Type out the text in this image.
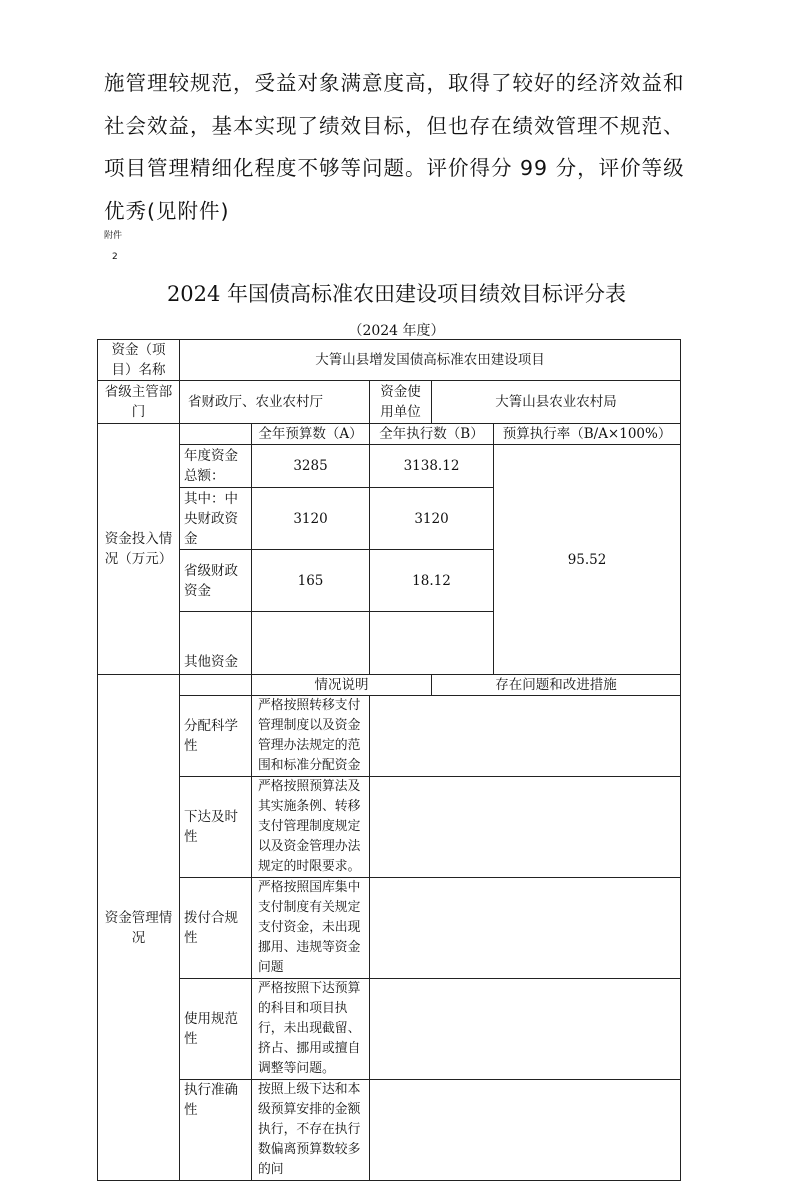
施管理较规范，受益对象满意度高，取得了较好的经济效益和社会效益，基本实现了绩效目标，但也存在绩效管理不规范、项目管理精细化程度不够等问题。评价得分 99 分，评价等级优秀(见附件)

附件
2
2024 年国债高标准农田建设项目绩效目标评分表
（2024 年度）
资金（项目）名称	大箐山县增发国债高标准农田建设项目				
省级主管部门	省财政厅、农业农村厅		资金使用单位	大箐山县农业农村局	
资金投入情况（万元）		全年预算数（A）	全年执行数（B）		预算执行率（B/A×100%）
	年度资金总额：	3285	3138.12		95.52
	其中：中央财政资金	3120	3120		
	省级财政资金	165	18.12		
	其他资金				
资金管理情况		情况说明		存在问题和改进措施	
	分配科学性	严格按照转移支付管理制度以及资金管理办法规定的范围和标准分配资金			
	下达及时性	严格按照预算法及其实施条例、转移支付管理制度规定以及资金管理办法规定的时限要求。			
	拨付合规性	严格按照国库集中支付制度有关规定支付资金，未出现挪用、违规等资金问题			
	使用规范性	严格按照下达预算的科目和项目执行，未出现截留、挤占、挪用或擅自调整等问题。			
	执行准确性	按照上级下达和本级预算安排的金额执行，不存在执行数偏离预算数较多的问			
